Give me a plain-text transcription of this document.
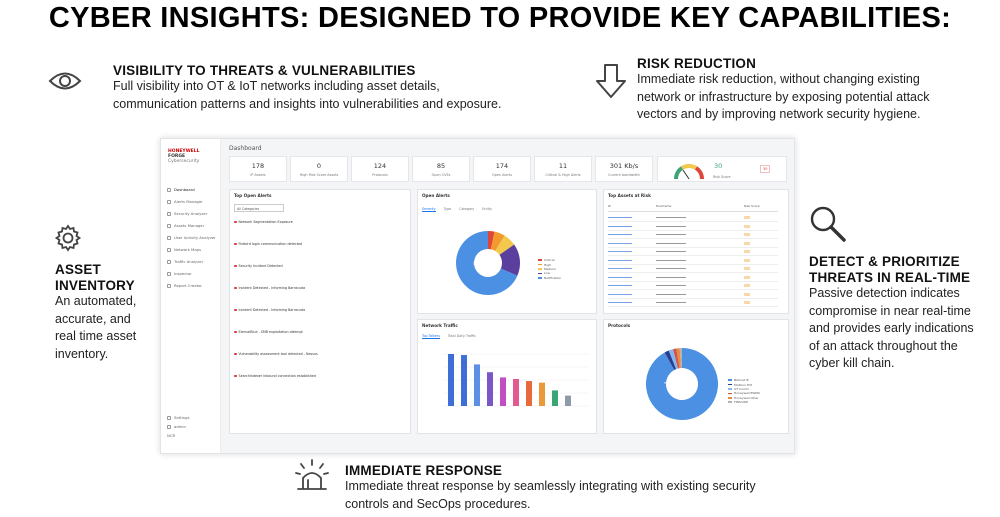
CYBER INSIGHTS: DESIGNED TO PROVIDE KEY CAPABILITIES:
VISIBILITY TO THREATS & VULNERABILITIES
Full visibility into OT & IoT networks including asset details,
communication patterns and insights into vulnerabilities and exposure.
RISK REDUCTION
Immediate risk reduction, without changing existing
network or infrastructure by exposing potential attack
vectors and by improving network security hygiene.
ASSET
INVENTORY
An automated,
accurate, and
real time asset
inventory.
DETECT & PRIORITIZE
THREATS IN REAL-TIME
Passive detection indicates
compromise in near real-time
and provides early indications
of an attack throughout the
cyber kill chain.
IMMEDIATE RESPONSE
Immediate threat response by seamlessly integrating with existing security
controls and SecOps procedures.
HONEYWELL
FORGE
Cybersecurity
Dashboard
Alerts Manager
Security Analyzer
Assets Manager
User Activity Analyzer
Network Maps
Traffic Analyzer
Inspector
Report Creator
Settings
admin
NCR
Dashboard
178
IP Assets
0
High Risk Score Assets
124
Protocols
85
Open CVEs
174
Open Alerts
11
Critical & High Alerts
301 Kb/s
Current bandwidth
30
Risk Score
30
Top Open Alerts
All Categories
Network Segmentation Exposure
Firebird login communication detected
Security Incident Detected
Incident Detected - Informing Barracuda
Incident Detected - Informing Barracuda
EternalBlue - SMB exploitation attempt
Vulnerability assessment tool detected - Nessus
SearchIndexer inbound connection established
Open Alerts
Severity Type Category Entity
Total 174
Critical
High
Medium
Low
Notification
Top Assets at Risk
IP	Hostname	Risk Score
Network Traffic
Top Talkers Total Daily Traffic
Protocols
Total 124.4M
BACnet IP
Modbus TCP
OT Comm
Honeywell EWMA
Honeywell other
FINS/UDP
